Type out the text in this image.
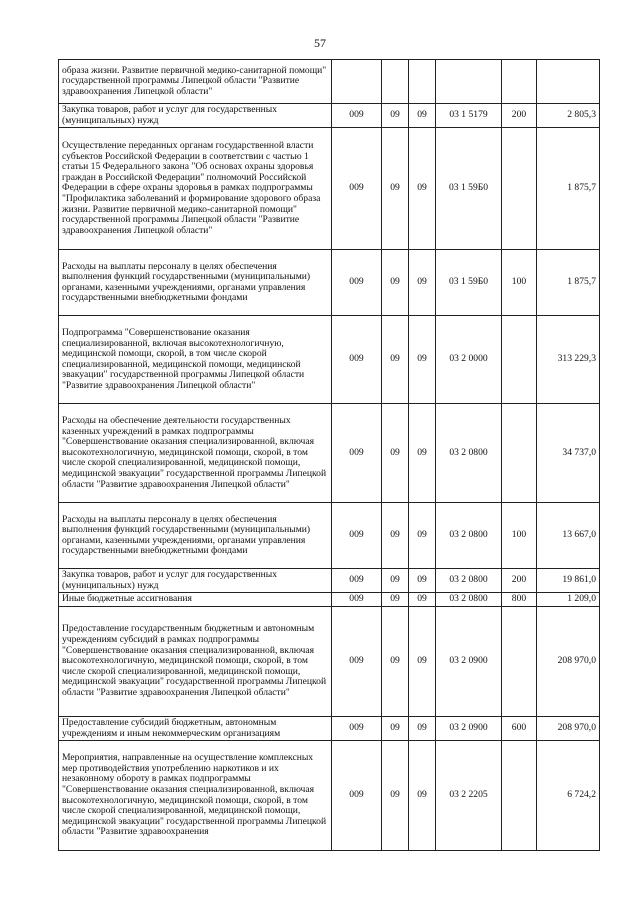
57
образа жизни. Развитие первичной медико-санитарной помощи" государственной программы Липецкой области "Развитие здравоохранения Липецкой области"						
Закупка товаров, работ и услуг для государственных (муниципальных) нужд	009	09	09	03 1 5179	200	2 805,3
Осуществление переданных органам государственной власти субъектов Российской Федерации в соответствии с частью 1 статьи 15 Федерального закона "Об основах охраны здоровья граждан в Российской Федерации" полномочий Российской Федерации в сфере охраны здоровья в рамках подпрограммы "Профилактика заболеваний и формирование здорового образа жизни. Развитие первичной медико-санитарной помощи" государственной программы Липецкой области "Развитие здравоохранения Липецкой области"	009	09	09	03 1 59Б0		1 875,7
Расходы на выплаты персоналу в целях обеспечения выполнения функций государственными (муниципальными) органами, казенными учреждениями, органами управления государственными внебюджетными фондами	009	09	09	03 1 59Б0	100	1 875,7
Подпрограмма "Совершенствование оказания специализированной, включая высокотехнологичную, медицинской помощи, скорой, в том числе скорой специализированной, медицинской помощи, медицинской эвакуации" государственной программы Липецкой области "Развитие здравоохранения Липецкой области"	009	09	09	03 2 0000		313 229,3
Расходы на обеспечение деятельности государственных казенных учреждений в рамках подпрограммы "Совершенствование оказания специализированной, включая высокотехнологичную, медицинской помощи, скорой, в том числе скорой специализированной, медицинской помощи, медицинской эвакуации" государственной программы Липецкой области "Развитие здравоохранения Липецкой области"	009	09	09	03 2 0800		34 737,0
Расходы на выплаты персоналу в целях обеспечения выполнения функций государственными (муниципальными) органами, казенными учреждениями, органами управления государственными внебюджетными фондами	009	09	09	03 2 0800	100	13 667,0
Закупка товаров, работ и услуг для государственных (муниципальных) нужд	009	09	09	03 2 0800	200	19 861,0
Иные бюджетные ассигнования	009	09	09	03 2 0800	800	1 209,0
Предоставление государственным бюджетным и автономным учреждениям субсидий в рамках подпрограммы "Совершенствование оказания специализированной, включая высокотехнологичную, медицинской помощи, скорой, в том числе скорой специализированной, медицинской помощи, медицинской эвакуации" государственной программы Липецкой области "Развитие здравоохранения Липецкой области"	009	09	09	03 2 0900		208 970,0
Предоставление субсидий бюджетным, автономным учреждениям и иным некоммерческим организациям	009	09	09	03 2 0900	600	208 970,0
Мероприятия, направленные на осуществление комплексных мер противодействия употреблению наркотиков и их незаконному обороту в рамках подпрограммы "Совершенствование оказания специализированной, включая высокотехнологичную, медицинской помощи, скорой, в том числе скорой специализированной, медицинской помощи, медицинской эвакуации" государственной программы Липецкой области "Развитие здравоохранения	009	09	09	03 2 2205		6 724,2
